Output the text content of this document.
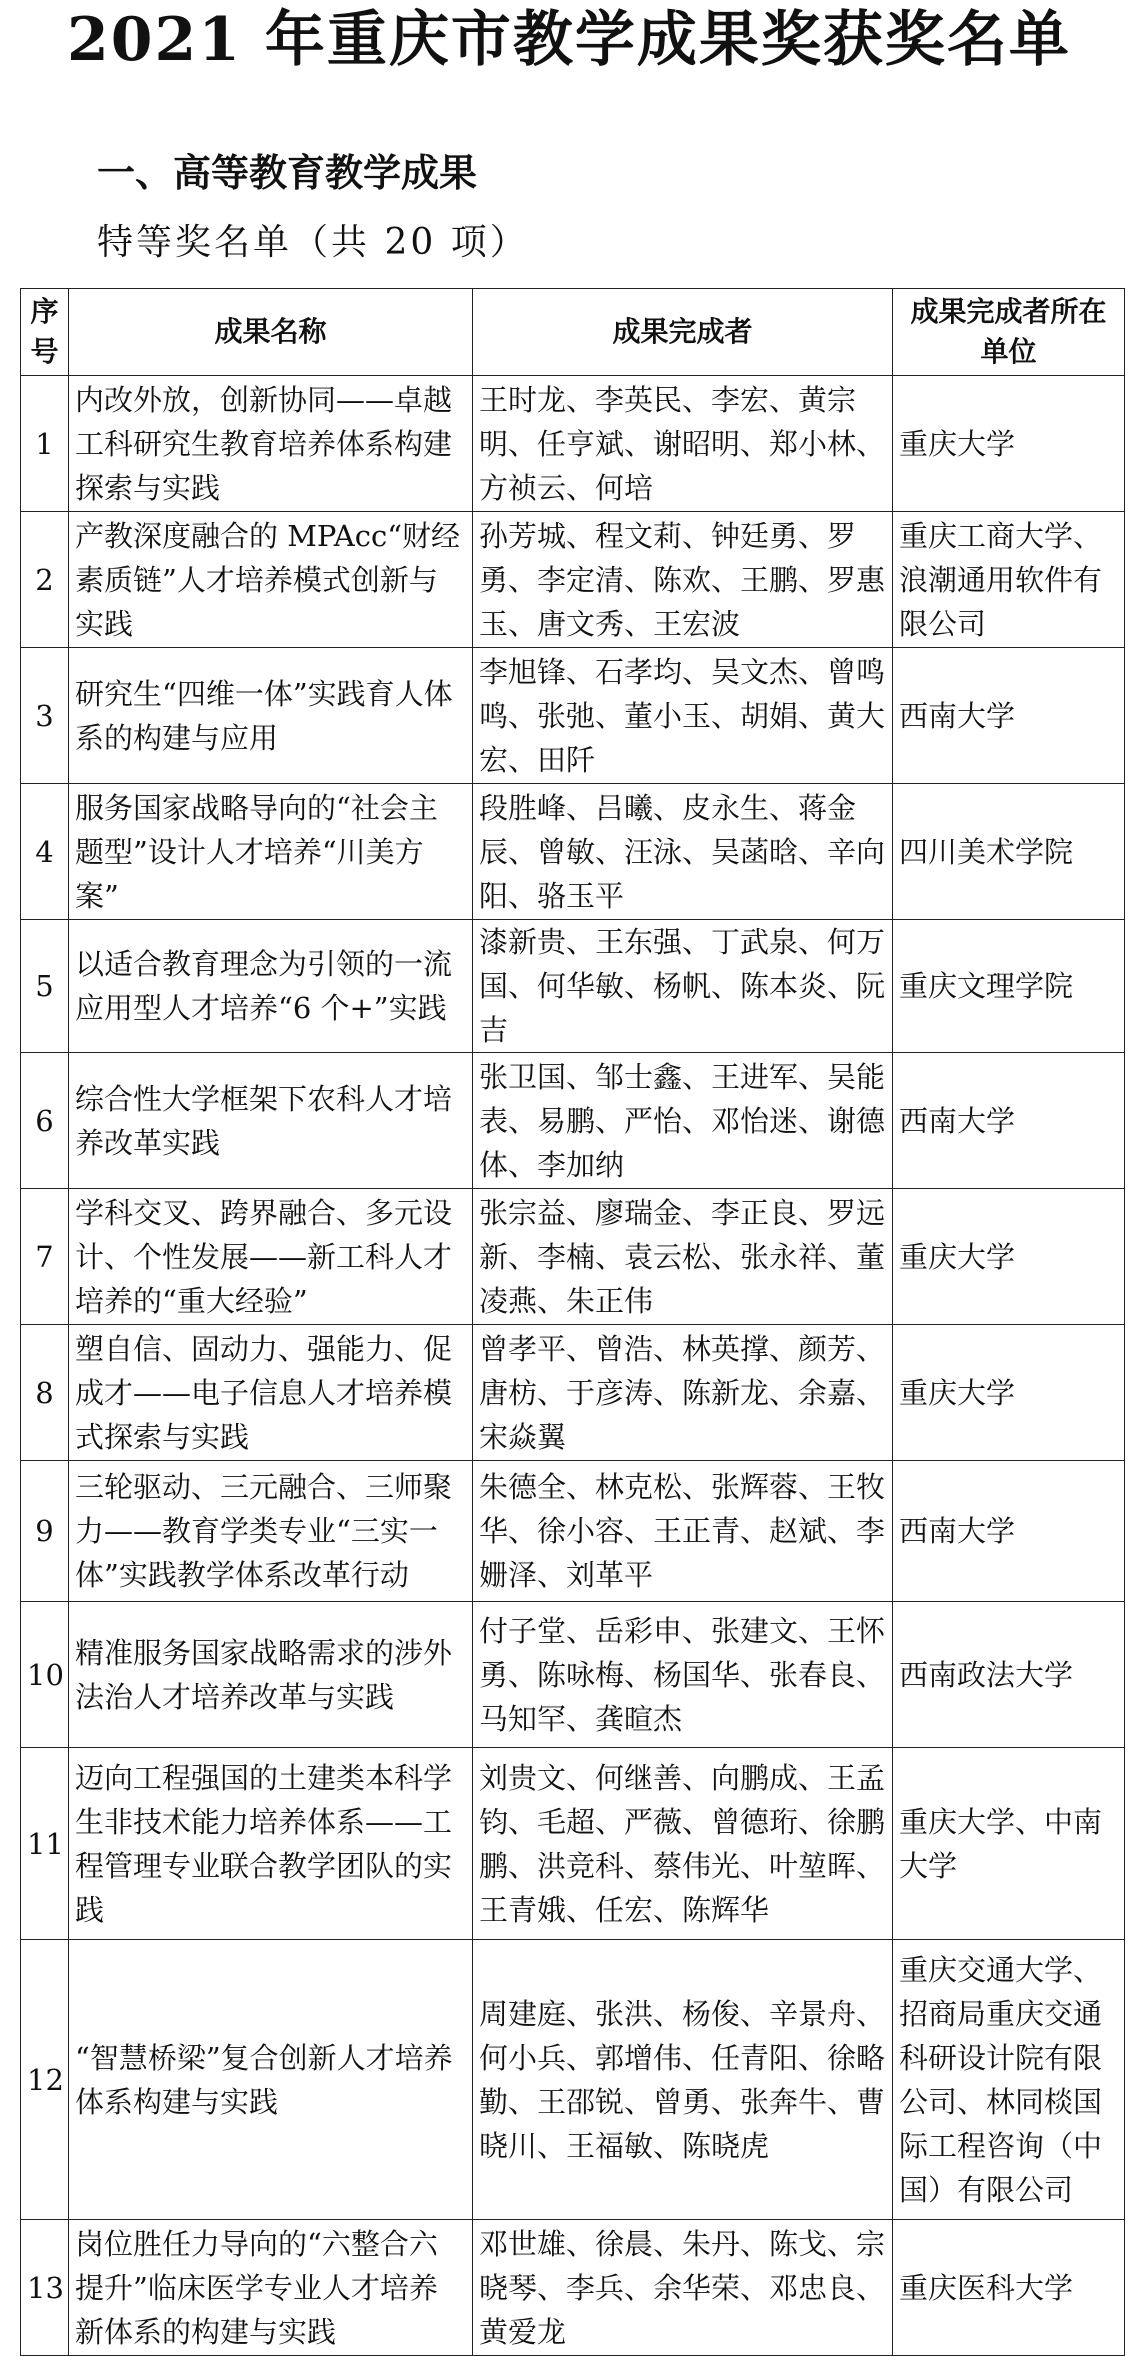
2021 年重庆市教学成果奖获奖名单
一、高等教育教学成果
特等奖名单（共 20 项）
序号	成果名称	成果完成者	成果完成者所在单位
1	内改外放，创新协同——卓越工科研究生教育培养体系构建探索与实践	王时龙、李英民、李宏、黄宗明、任亨斌、谢昭明、郑小林、方祯云、何培	重庆大学
2	产教深度融合的 MPAcc“财经素质链”人才培养模式创新与实践	孙芳城、程文莉、钟廷勇、罗勇、李定清、陈欢、王鹏、罗惠玉、唐文秀、王宏波	重庆工商大学、浪潮通用软件有限公司
3	研究生“四维一体”实践育人体系的构建与应用	李旭锋、石孝均、吴文杰、曾鸣鸣、张弛、董小玉、胡娟、黄大宏、田阡	西南大学
4	服务国家战略导向的“社会主题型”设计人才培养“川美方案”	段胜峰、吕曦、皮永生、蒋金辰、曾敏、汪泳、吴菡晗、辛向阳、骆玉平	四川美术学院
5	以适合教育理念为引领的一流应用型人才培养“6 个+”实践	漆新贵、王东强、丁武泉、何万国、何华敏、杨帆、陈本炎、阮吉	重庆文理学院
6	综合性大学框架下农科人才培养改革实践	张卫国、邹士鑫、王进军、吴能表、易鹏、严怡、邓怡迷、谢德体、李加纳	西南大学
7	学科交叉、跨界融合、多元设计、个性发展——新工科人才培养的“重大经验”	张宗益、廖瑞金、李正良、罗远新、李楠、袁云松、张永祥、董凌燕、朱正伟	重庆大学
8	塑自信、固动力、强能力、促成才——电子信息人才培养模式探索与实践	曾孝平、曾浩、林英撑、颜芳、唐枋、于彦涛、陈新龙、余嘉、宋焱翼	重庆大学
9	三轮驱动、三元融合、三师聚力——教育学类专业“三实一体”实践教学体系改革行动	朱德全、林克松、张辉蓉、王牧华、徐小容、王正青、赵斌、李姗泽、刘革平	西南大学
10	精准服务国家战略需求的涉外法治人才培养改革与实践	付子堂、岳彩申、张建文、王怀勇、陈咏梅、杨国华、张春良、马知罕、龚暄杰	西南政法大学
11	迈向工程强国的土建类本科学生非技术能力培养体系——工程管理专业联合教学团队的实践	刘贵文、何继善、向鹏成、王孟钧、毛超、严薇、曾德珩、徐鹏鹏、洪竞科、蔡伟光、叶堃晖、王青娥、任宏、陈辉华	重庆大学、中南大学
12	“智慧桥梁”复合创新人才培养体系构建与实践	周建庭、张洪、杨俊、辛景舟、何小兵、郭增伟、任青阳、徐略勤、王邵锐、曾勇、张奔牛、曹晓川、王福敏、陈晓虎	重庆交通大学、招商局重庆交通科研设计院有限公司、林同棪国际工程咨询（中国）有限公司
13	岗位胜任力导向的“六整合六提升”临床医学专业人才培养新体系的构建与实践	邓世雄、徐晨、朱丹、陈戈、宗晓琴、李兵、余华荣、邓忠良、黄爱龙	重庆医科大学
